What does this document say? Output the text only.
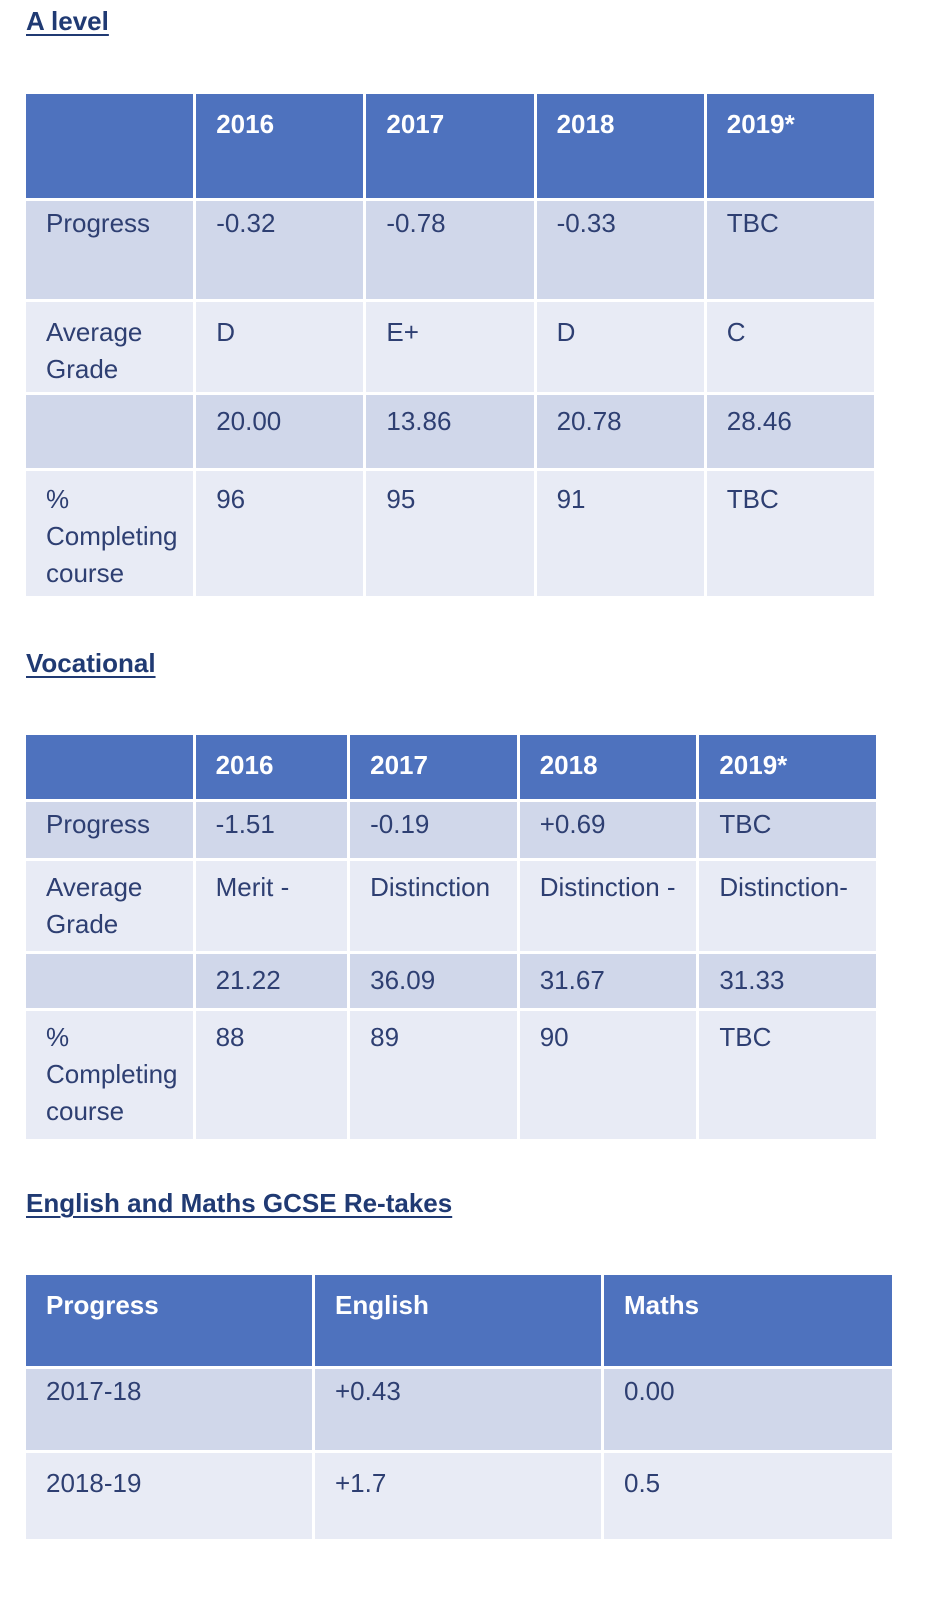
A level
	2016	2017	2018	2019*
Progress	-0.32	-0.78	-0.33	TBC
Average Grade	D	E+	D	C
	20.00	13.86	20.78	28.46
% Completing course	96	95	91	TBC
Vocational
	2016	2017	2018	2019*
Progress	-1.51	-0.19	+0.69	TBC
Average Grade	Merit -	Distinction	Distinction -	Distinction-
	21.22	36.09	31.67	31.33
% Completing course	88	89	90	TBC
English and Maths GCSE Re-takes
Progress	English	Maths
2017-18	+0.43	0.00
2018-19	+1.7	0.5
